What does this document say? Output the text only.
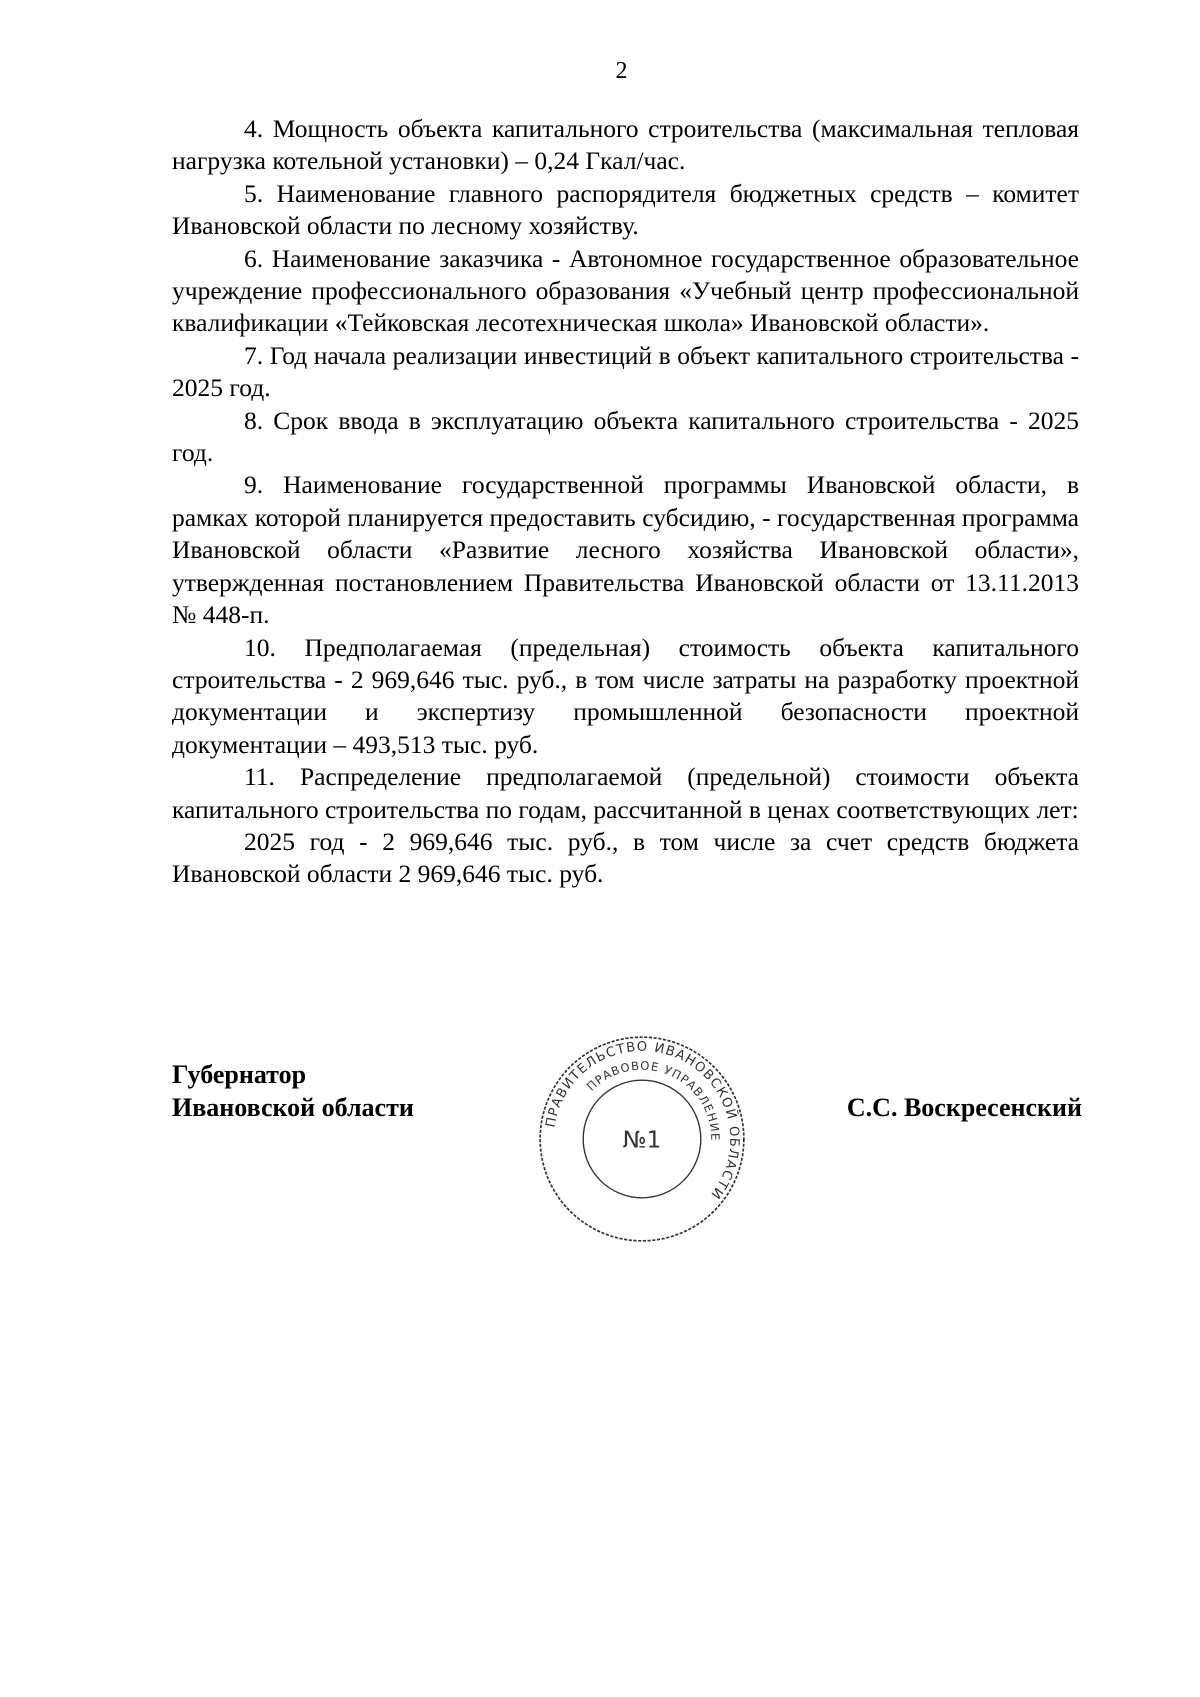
2

4. Мощность объекта капитального строительства (максимальная тепловая нагрузка котельной установки) – 0,24 Гкал/час.

5. Наименование главного распорядителя бюджетных средств – комитет Ивановской области по лесному хозяйству.

6. Наименование заказчика - Автономное государственное образовательное учреждение профессионального образования «Учебный центр профессиональной квалификации «Тейковская лесотехническая школа» Ивановской области».

7. Год начала реализации инвестиций в объект капитального строительства - 2025 год.

8. Срок ввода в эксплуатацию объекта капитального строительства - 2025 год.

9. Наименование государственной программы Ивановской области, в рамках которой планируется предоставить субсидию, - государственная программа Ивановской области «Развитие лесного хозяйства Ивановской области», утвержденная постановлением Правительства Ивановской области от 13.11.2013 № 448-п.

10. Предполагаемая (предельная) стоимость объекта капитального строительства - 2 969,646 тыс. руб., в том числе затраты на разработку проектной документации и экспертизу промышленной безопасности проектной документации – 493,513 тыс. руб.

11. Распределение предполагаемой (предельной) стоимости объекта капитального строительства по годам, рассчитанной в ценах соответствующих лет:

2025 год - 2 969,646 тыс. руб., в том числе за счет средств бюджета Ивановской области 2 969,646 тыс. руб.

Губернатор
Ивановской области	ПРАВИТЕЛЬСТВО ИВАНОВСКОЙ ОБЛАСТИ
ПРАВОВОЕ УПРАВЛЕНИЕ
№1
С.С. Воскресенский
